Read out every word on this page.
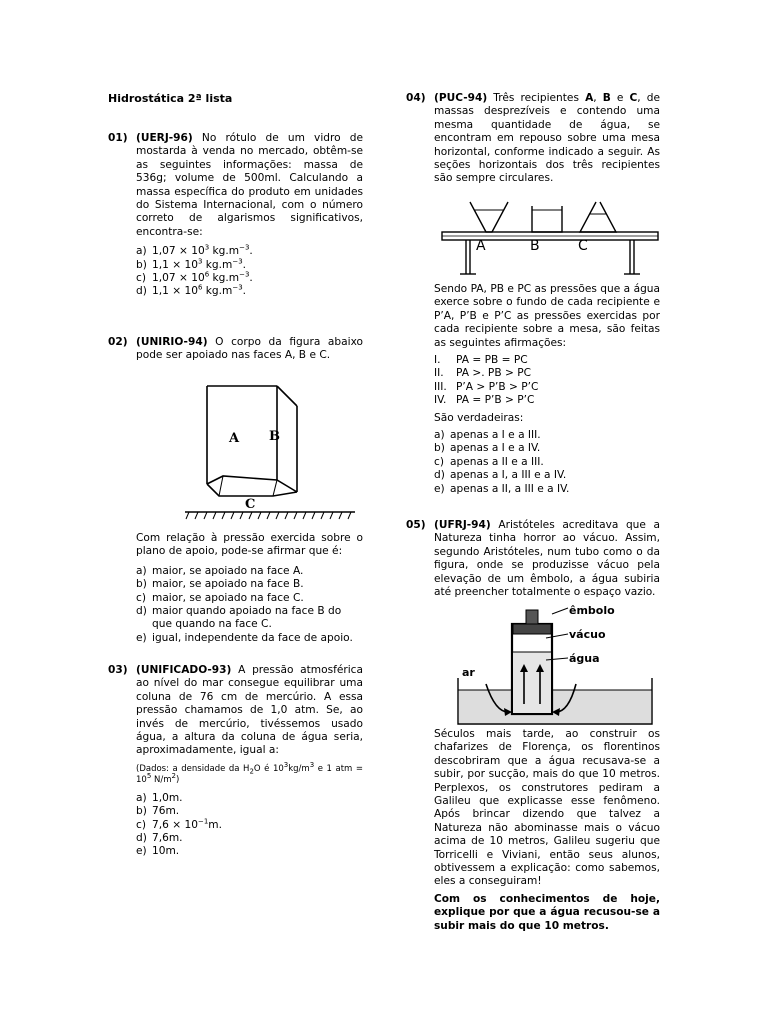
Hidrostática 2ª lista
01) (UERJ-96) No rótulo de um vidro de mostarda à venda no mercado, obtêm-se as seguintes informações: massa de 536g; volume de 500ml. Calculando a massa específica do produto em unidades do Sistema Internacional, com o número correto de algarismos significativos, encontra-se:
a) $1,07 \times 10^3$ $kg.m^{-3}$.
b) $1,1 \times 10^3$ $kg.m^{-3}$.
c) $1,07 \times 10^6$ $kg.m^{-3}$.
d) $1,1 \times 10^6$ $kg.m^{-3}$.
02) (UNIRIO-94) O corpo da figura abaixo pode ser apoiado nas faces A, B e C.
A B
C
Com relação à pressão exercida sobre o plano de apoio, pode-se afirmar que é:
a) maior, se apoiado na face A.
b) maior, se apoiado na face B.
c) maior, se apoiado na face C.
d) maior quando apoiado na face B do que quando na face C.
e) igual, independente da face de apoio.
03) (UNIFICADO-93) A pressão atmosférica ao nível do mar consegue equilibrar uma coluna de 76 cm de mercúrio. A essa pressão chamamos de 1,0 atm. Se, ao invés de mercúrio, tivéssemos usado água, a altura da coluna de água seria, aproximadamente, igual a:
(Dados: a densidade da $H_2O$ é $10^3kg/m^3$ e 1 atm = $10^5$ $N/m^2$)
a) 1,0m.
b) 76m.
c) $7,6 \times 10^{-1}m$.
d) 7,6m.
e) 10m.
04) (PUC-94) Três recipientes A, B e C, de massas desprezíveis e contendo uma mesma quantidade de água, se encontram em repouso sobre uma mesa horizontal, conforme indicado a seguir. As seções horizontais dos três recipientes são sempre circulares.
A	B	C
Sendo PA, PB e PC as pressões que a água exerce sobre o fundo de cada recipiente e P’A, P’B e P’C as pressões exercidas por cada recipiente sobre a mesa, são feitas as seguintes afirmações:
I.	PA = PB = PC
II.	PA >. PB > PC
III. P’A > P’B > P’C
IV. PA = P’B > P’C
São verdadeiras:
a) apenas a I e a III.
b) apenas a I e a IV.
c) apenas a II e a III.
d) apenas a I, a III e a IV.
e) apenas a II, a III e a IV.
05) (UFRJ-94) Aristóteles acreditava que a Natureza tinha horror ao vácuo. Assim, segundo Aristóteles, num tubo como o da figura, onde se produzisse vácuo pela elevação de um êmbolo, a água subiria até preencher totalmente o espaço vazio.
êmbolo
vácuo
água
ar
Séculos mais tarde, ao construir os chafarizes de Florença, os florentinos descobriram que a água recusava-se a subir, por sucção, mais do que 10 metros. Perplexos, os construtores pediram a Galileu que explicasse esse fenômeno. Após brincar dizendo que talvez a Natureza não abominasse mais o vácuo acima de 10 metros, Galileu sugeriu que Torricelli e Viviani, então seus alunos, obtivessem a explicação: como sabemos, eles a conseguiram!
Com os conhecimentos de hoje, explique por que a água recusou-se a subir mais do que 10 metros.
